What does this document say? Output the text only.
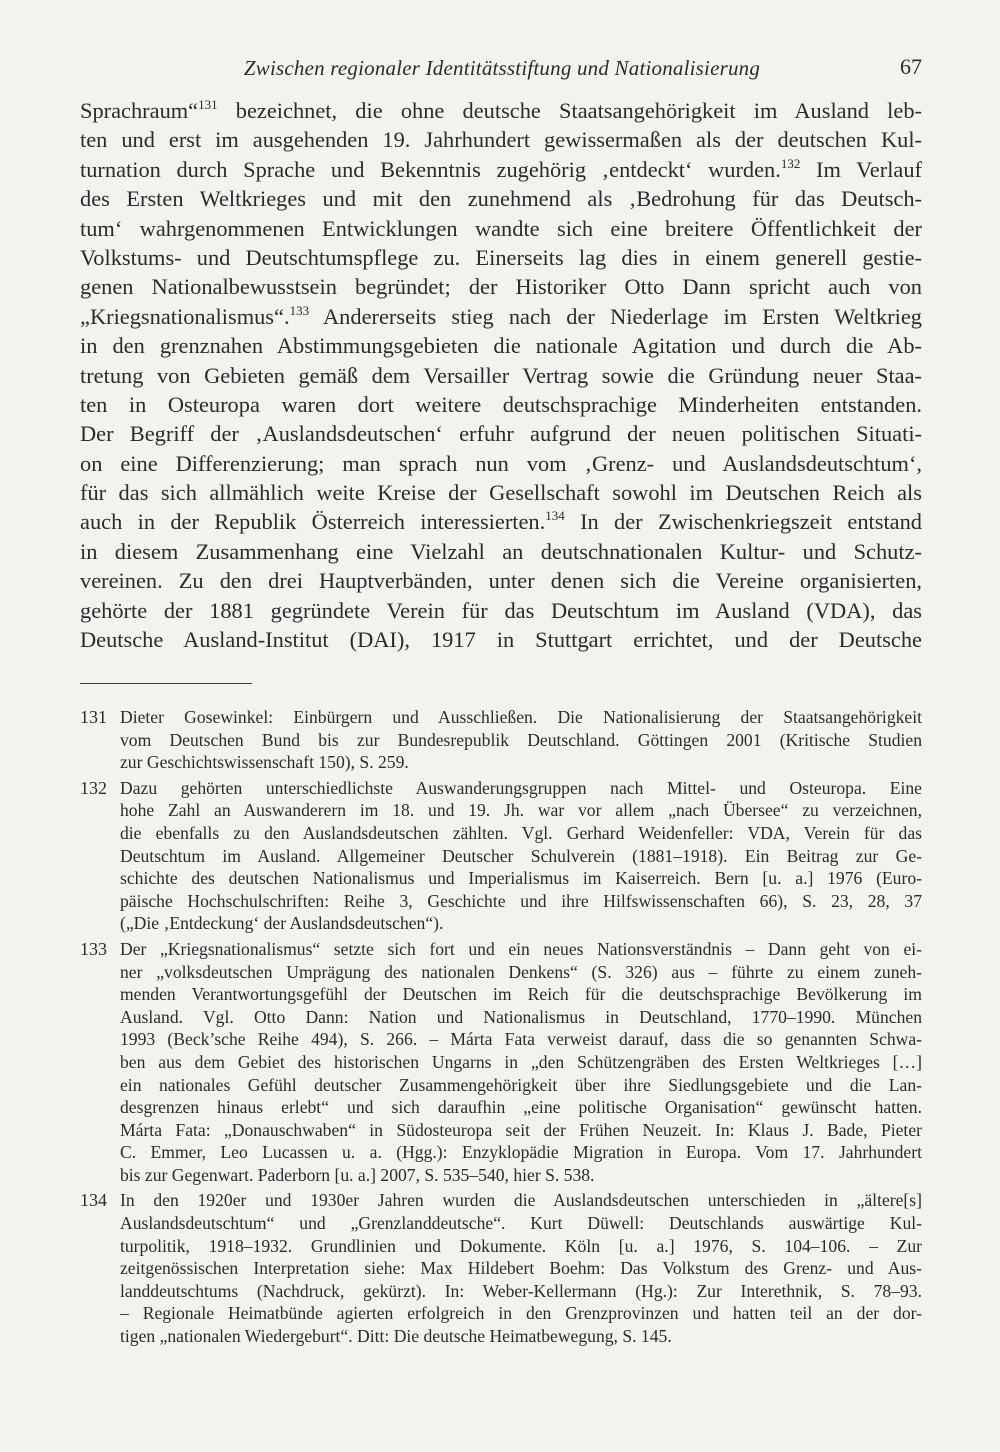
Zwischen regionaler Identitätsstiftung und Nationalisierung	67
Sprachraum“$^{131}$ bezeichnet, die ohne deutsche Staatsangehörigkeit im Ausland leb-
ten und erst im ausgehenden 19. Jahrhundert gewissermaßen als der deutschen Kul-
turnation durch Sprache und Bekenntnis zugehörig ‚entdeckt‘ wurden.$^{132}$ Im Verlauf
des Ersten Weltkrieges und mit den zunehmend als ‚Bedrohung für das Deutsch-
tum‘ wahrgenommenen Entwicklungen wandte sich eine breitere Öffentlichkeit der
Volkstums- und Deutschtumspflege zu. Einerseits lag dies in einem generell gestie-
genen Nationalbewusstsein begründet; der Historiker Otto Dann spricht auch von
„Kriegsnationalismus“.$^{133}$ Andererseits stieg nach der Niederlage im Ersten Weltkrieg
in den grenznahen Abstimmungsgebieten die nationale Agitation und durch die Ab-
tretung von Gebieten gemäß dem Versailler Vertrag sowie die Gründung neuer Staa-
ten in Osteuropa waren dort weitere deutschsprachige Minderheiten entstanden.
Der Begriff der ‚Auslandsdeutschen‘ erfuhr aufgrund der neuen politischen Situati-
on eine Differenzierung; man sprach nun vom ‚Grenz- und Auslandsdeutschtum‘,
für das sich allmählich weite Kreise der Gesellschaft sowohl im Deutschen Reich als
auch in der Republik Österreich interessierten.$^{134}$ In der Zwischenkriegszeit entstand
in diesem Zusammenhang eine Vielzahl an deutschnationalen Kultur- und Schutz-
vereinen. Zu den drei Hauptverbänden, unter denen sich die Vereine organisierten,
gehörte der 1881 gegründete Verein für das Deutschtum im Ausland (VDA), das
Deutsche Ausland-Institut (DAI), 1917 in Stuttgart errichtet, und der Deutsche
131 Dieter Gosewinkel: Einbürgern und Ausschließen. Die Nationalisierung der Staatsangehörigkeit
vom Deutschen Bund bis zur Bundesrepublik Deutschland. Göttingen 2001 (Kritische Studien
zur Geschichtswissenschaft 150), S. 259.
132 Dazu gehörten unterschiedlichste Auswanderungsgruppen nach Mittel- und Osteuropa. Eine
hohe Zahl an Auswanderern im 18. und 19. Jh. war vor allem „nach Übersee“ zu verzeichnen,
die ebenfalls zu den Auslandsdeutschen zählten. Vgl. Gerhard Weidenfeller: VDA, Verein für das
Deutschtum im Ausland. Allgemeiner Deutscher Schulverein (1881–1918). Ein Beitrag zur Ge-
schichte des deutschen Nationalismus und Imperialismus im Kaiserreich. Bern [u. a.] 1976 (Euro-
päische Hochschulschriften: Reihe 3, Geschichte und ihre Hilfswissenschaften 66), S. 23, 28, 37
(„Die ‚Entdeckung‘ der Auslandsdeutschen“).
133 Der „Kriegsnationalismus“ setzte sich fort und ein neues Nationsverständnis – Dann geht von ei-
ner „volksdeutschen Umprägung des nationalen Denkens“ (S. 326) aus – führte zu einem zuneh-
menden Verantwortungsgefühl der Deutschen im Reich für die deutschsprachige Bevölkerung im
Ausland. Vgl. Otto Dann: Nation und Nationalismus in Deutschland, 1770–1990. München
1993 (Beck’sche Reihe 494), S. 266. – Márta Fata verweist darauf, dass die so genannten Schwa-
ben aus dem Gebiet des historischen Ungarns in „den Schützengräben des Ersten Weltkrieges […]
ein nationales Gefühl deutscher Zusammengehörigkeit über ihre Siedlungsgebiete und die Lan-
desgrenzen hinaus erlebt“ und sich daraufhin „eine politische Organisation“ gewünscht hatten.
Márta Fata: „Donauschwaben“ in Südosteuropa seit der Frühen Neuzeit. In: Klaus J. Bade, Pieter
C. Emmer, Leo Lucassen u. a. (Hgg.): Enzyklopädie Migration in Europa. Vom 17. Jahrhundert
bis zur Gegenwart. Paderborn [u. a.] 2007, S. 535–540, hier S. 538.
134 In den 1920er und 1930er Jahren wurden die Auslandsdeutschen unterschieden in „ältere[s]
Auslandsdeutschtum“ und „Grenzlanddeutsche“. Kurt Düwell: Deutschlands auswärtige Kul-
turpolitik, 1918–1932. Grundlinien und Dokumente. Köln [u. a.] 1976, S. 104–106. – Zur
zeitgenössischen Interpretation siehe: Max Hildebert Boehm: Das Volkstum des Grenz- und Aus-
landdeutschtums (Nachdruck, gekürzt). In: Weber-Kellermann (Hg.): Zur Interethnik, S. 78–93.
– Regionale Heimatbünde agierten erfolgreich in den Grenzprovinzen und hatten teil an der dor-
tigen „nationalen Wiedergeburt“. Ditt: Die deutsche Heimatbewegung, S. 145.
